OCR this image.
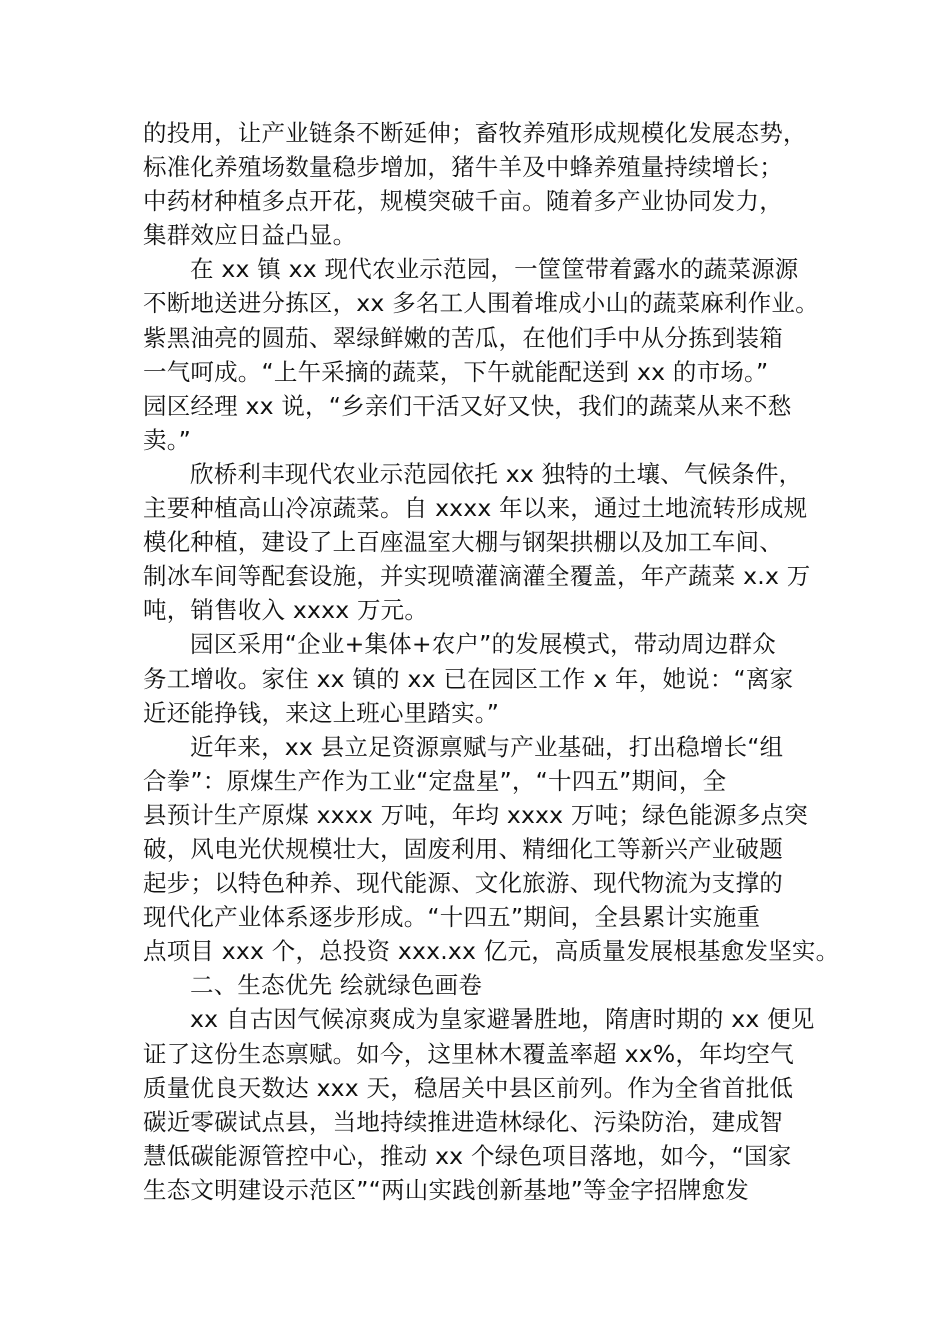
的投用，让产业链条不断延伸；畜牧养殖形成规模化发展态势，
标准化养殖场数量稳步增加，猪牛羊及中蜂养殖量持续增长；
中药材种植多点开花，规模突破千亩。随着多产业协同发力，
集群效应日益凸显。
在 xx 镇 xx 现代农业示范园，一筐筐带着露水的蔬菜源源
不断地送进分拣区，xx 多名工人围着堆成小山的蔬菜麻利作业。
紫黑油亮的圆茄、翠绿鲜嫩的苦瓜，在他们手中从分拣到装箱
一气呵成。“上午采摘的蔬菜，下午就能配送到 xx 的市场。”
园区经理 xx 说，“乡亲们干活又好又快，我们的蔬菜从来不愁
卖。”
欣桥利丰现代农业示范园依托 xx 独特的土壤、气候条件，
主要种植高山冷凉蔬菜。自 xxxx 年以来，通过土地流转形成规
模化种植，建设了上百座温室大棚与钢架拱棚以及加工车间、
制冰车间等配套设施，并实现喷灌滴灌全覆盖，年产蔬菜 x.x 万
吨，销售收入 xxxx 万元。
园区采用“企业+集体+农户”的发展模式，带动周边群众
务工增收。家住 xx 镇的 xx 已在园区工作 x 年，她说：“离家
近还能挣钱，来这上班心里踏实。”
近年来，xx 县立足资源禀赋与产业基础，打出稳增长“组
合拳”：原煤生产作为工业“定盘星”，“十四五”期间，全
县预计生产原煤 xxxx 万吨，年均 xxxx 万吨；绿色能源多点突
破，风电光伏规模壮大，固废利用、精细化工等新兴产业破题
起步；以特色种养、现代能源、文化旅游、现代物流为支撑的
现代化产业体系逐步形成。“十四五”期间，全县累计实施重
点项目 xxx 个，总投资 xxx.xx 亿元，高质量发展根基愈发坚实。
二、生态优先 绘就绿色画卷
xx 自古因气候凉爽成为皇家避暑胜地，隋唐时期的 xx 便见
证了这份生态禀赋。如今，这里林木覆盖率超 xx%，年均空气
质量优良天数达 xxx 天，稳居关中县区前列。作为全省首批低
碳近零碳试点县，当地持续推进造林绿化、污染防治，建成智
慧低碳能源管控中心，推动 xx 个绿色项目落地，如今，“国家
生态文明建设示范区”“两山实践创新基地”等金字招牌愈发
